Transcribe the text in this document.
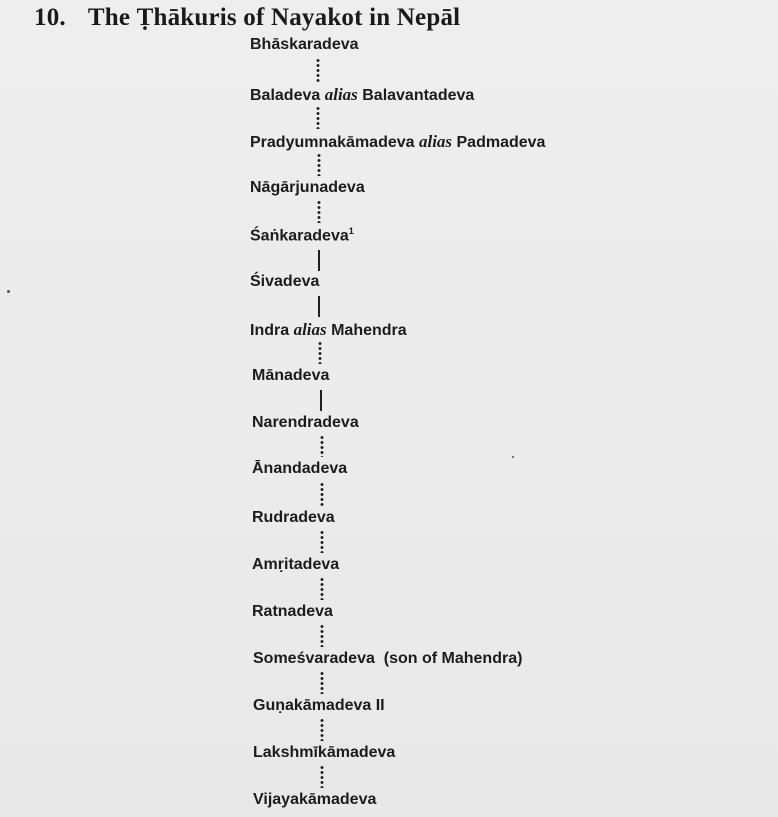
10. The Ṭhākuris of Nayakot in Nepāl
Bhāskaradeva
Baladeva alias Balavantadeva
Pradyumnakāmadeva alias Padmadeva
Nāgārjunadeva
Śaṅkaradeva$^1$
Śivadeva
Indra alias Mahendra
Mānadeva
Narendradeva
Ānandadeva
Rudradeva
Amṛitadeva
Ratnadeva
Someśvaradeva (son of Mahendra)
Guṇakāmadeva II
Lakshmīkāmadeva
Vijayakāmadeva
